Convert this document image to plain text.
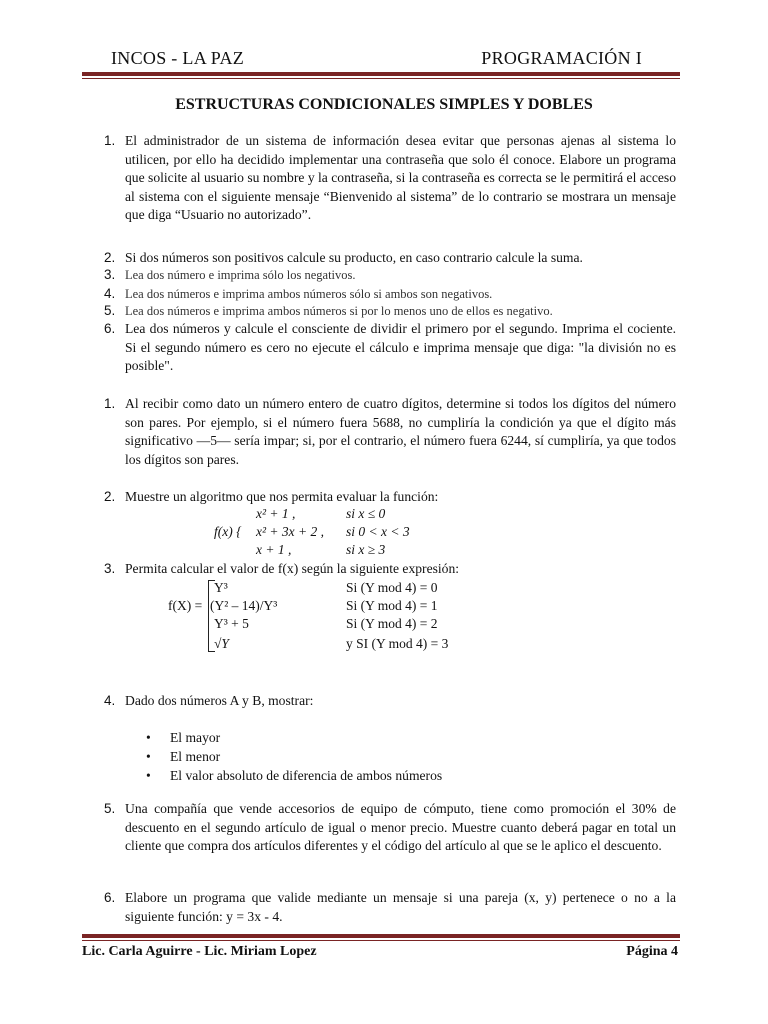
INCOS - LA PAZ	PROGRAMACIÓN I
ESTRUCTURAS CONDICIONALES SIMPLES Y DOBLES
1. El administrador de un sistema de información desea evitar que personas ajenas al sistema lo utilicen, por ello ha decidido implementar una contraseña que solo él conoce. Elabore un programa que solicite al usuario su nombre y la contraseña, si la contraseña es correcta se le permitirá el acceso al sistema con el siguiente mensaje “Bienvenido al sistema” de lo contrario se mostrara un mensaje que diga “Usuario no autorizado”.
2. Si dos números son positivos calcule su producto, en caso contrario calcule la suma.
3. Lea dos número e imprima sólo los negativos.
4. Lea dos números e imprima ambos números sólo si ambos son negativos.
5. Lea dos números e imprima ambos números si por lo menos uno de ellos es negativo.
6. Lea dos números y calcule el consciente de dividir el primero por el segundo. Imprima el cociente. Si el segundo número es cero no ejecute el cálculo e imprima mensaje que diga: "la división no es posible".
1. Al recibir como dato un número entero de cuatro dígitos, determine si todos los dígitos del número son pares. Por ejemplo, si el número fuera 5688, no cumpliría la condición ya que el dígito más significativo —5— sería impar; si, por el contrario, el número fuera 6244, sí cumpliría, ya que todos los dígitos son pares.
2. Muestre un algoritmo que nos permita evaluar la función:
f(x) {
x² + 1 ,	si x ≤ 0
x² + 3x + 2 , si 0 < x < 3
x + 1 ,	si x ≥ 3
3. Permita calcular el valor de f(x) según la siguiente expresión:
f(X) =
Y³	Si (Y mod 4) = 0
(Y² – 14)/Y³	Si (Y mod 4) = 1
Y³ + 5	Si (Y mod 4) = 2
√Y	y SI (Y mod 4) = 3
4. Dado dos números A y B, mostrar:
• El mayor
• El menor
• El valor absoluto de diferencia de ambos números
5. Una compañía que vende accesorios de equipo de cómputo, tiene como promoción el 30% de descuento en el segundo artículo de igual o menor precio. Muestre cuanto deberá pagar en total un cliente que compra dos artículos diferentes y el código del artículo al que se le aplico el descuento.
6. Elabore un programa que valide mediante un mensaje si una pareja (x, y) pertenece o no a la siguiente función: y = 3x - 4.
Lic. Carla Aguirre - Lic. Miriam Lopez	Página 4
